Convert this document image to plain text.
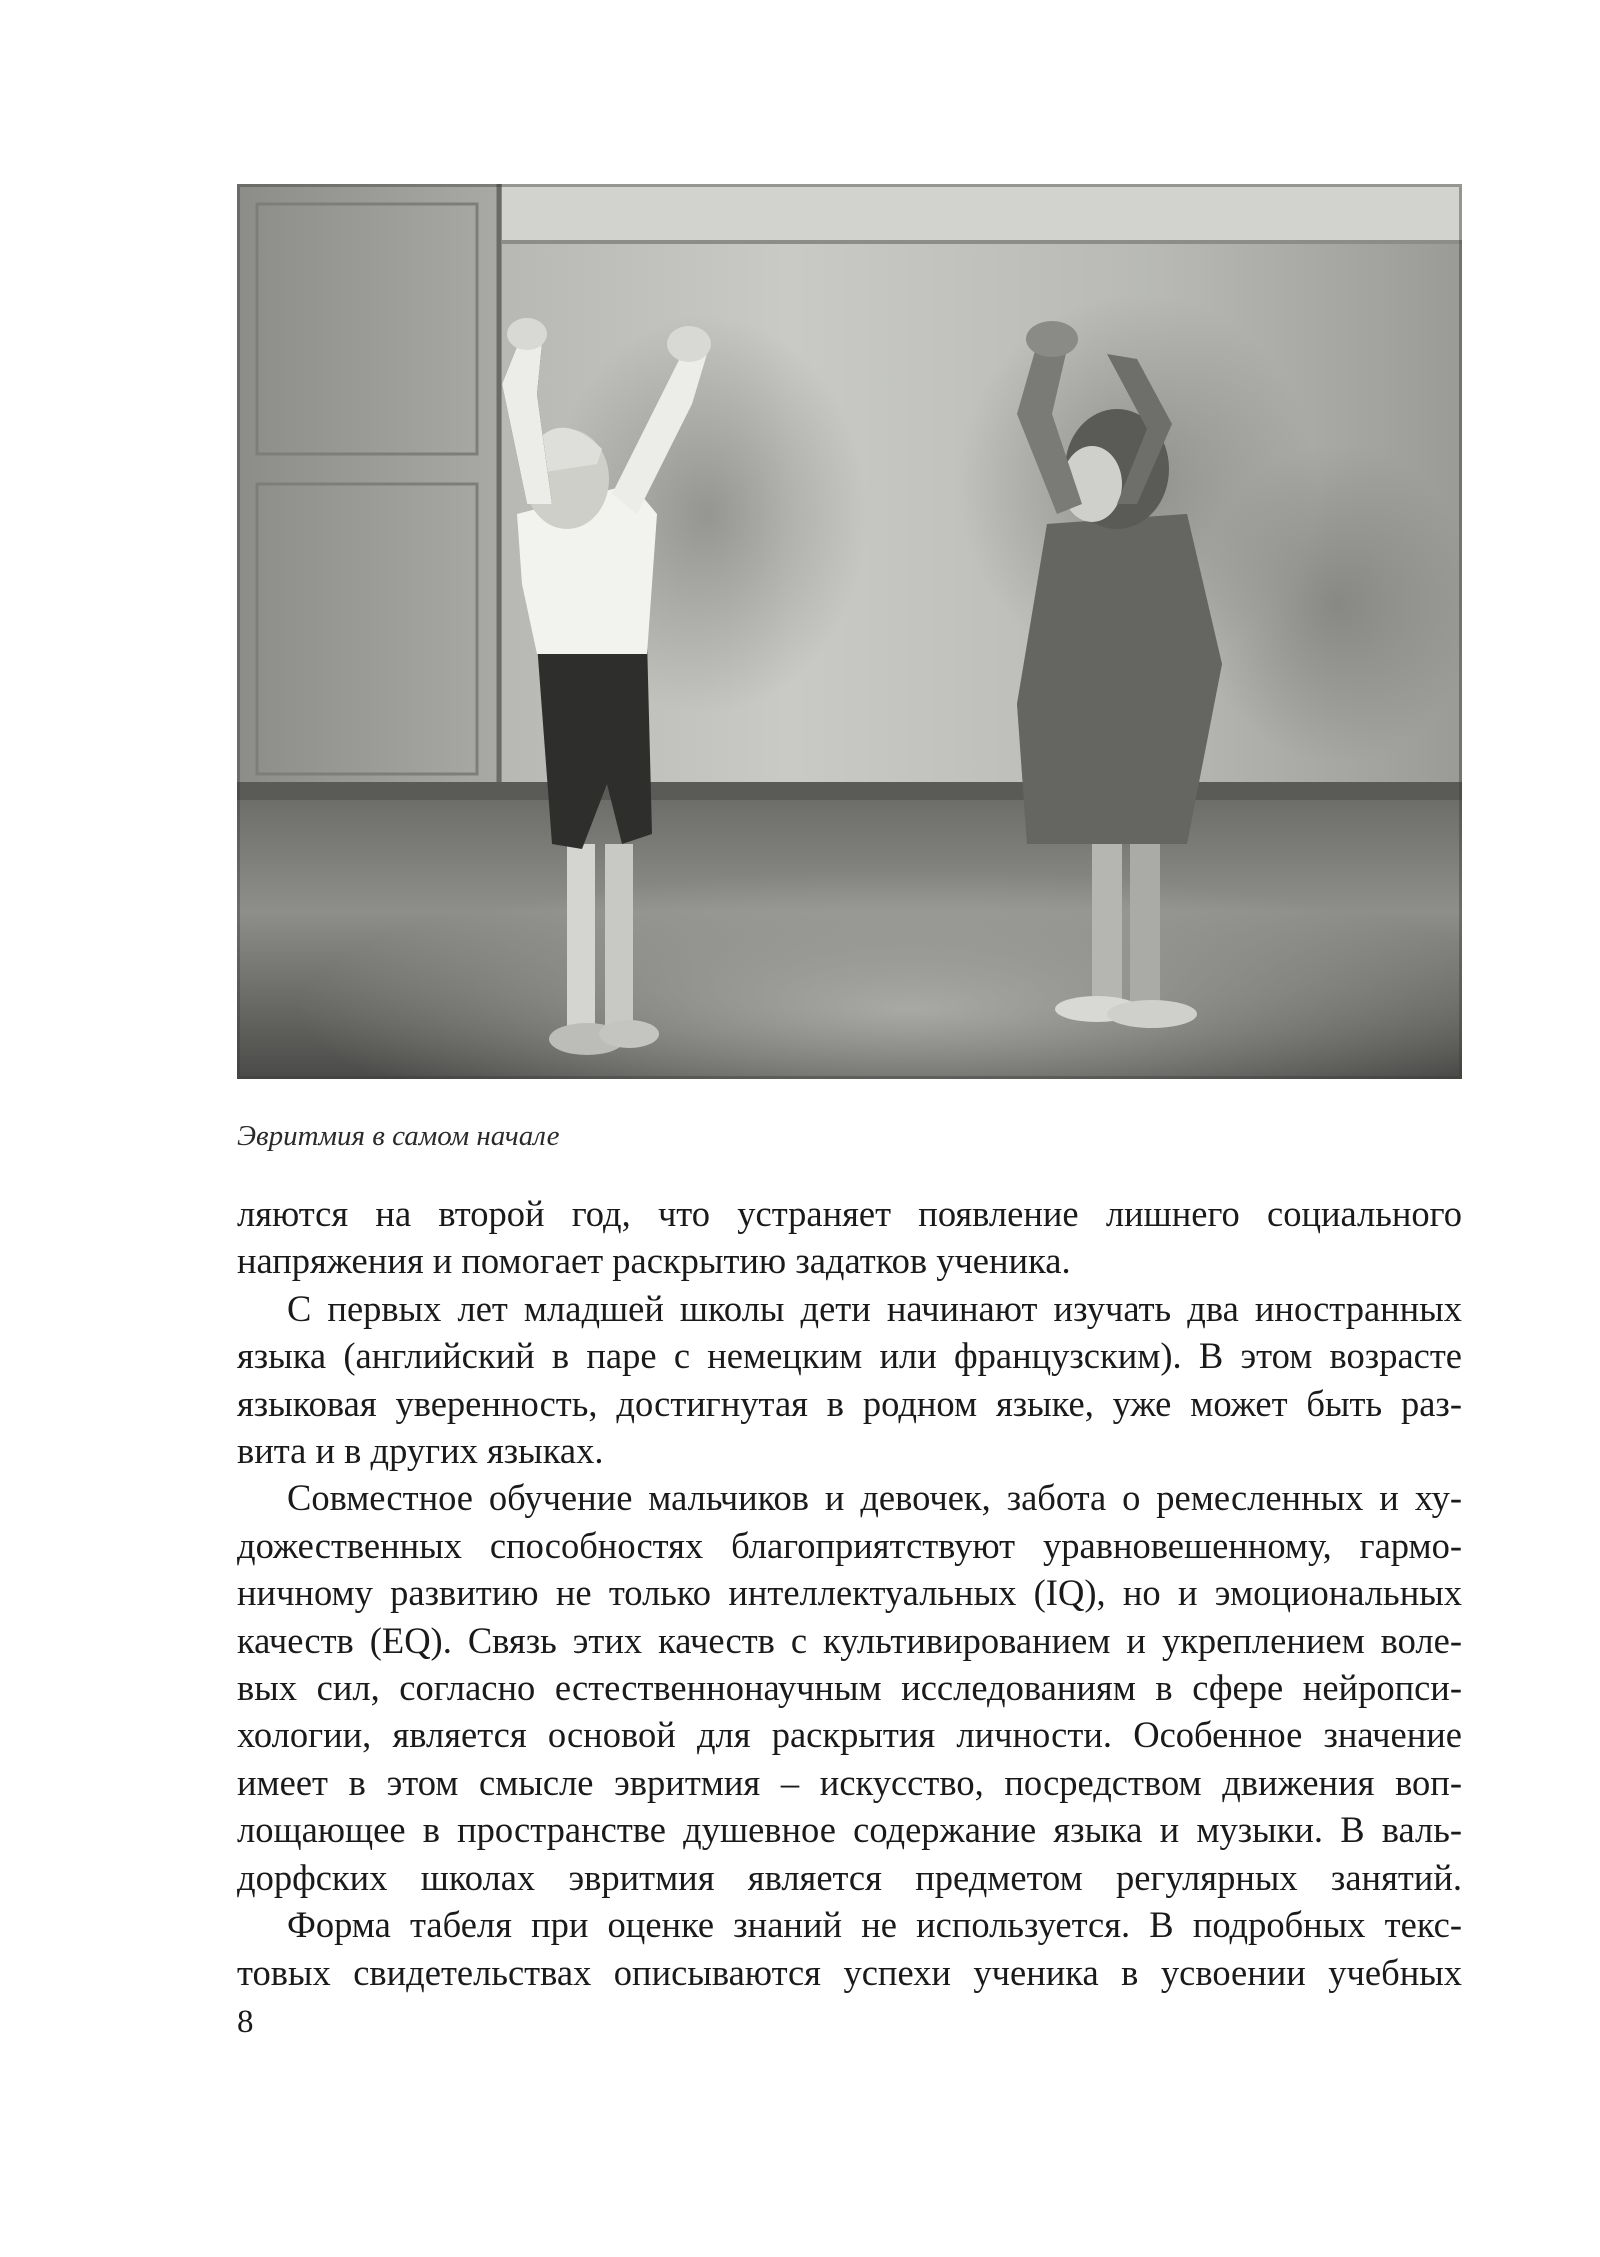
Эвритмия в самом начале

ляются на второй год, что устраняет появление лишнего социального
напряжения и помогает раскрытию задатков ученика.

С первых лет младшей школы дети начинают изучать два иностранных
языка (английский в паре с немецким или французским). В этом возрасте
языковая уверенность, достигнутая в родном языке, уже может быть раз-
вита и в других языках.

Совместное обучение мальчиков и девочек, забота о ремесленных и ху-
дожественных способностях благоприятствуют уравновешенному, гармо-
ничному развитию не только интеллектуальных (IQ), но и эмоциональных
качеств (EQ). Связь этих качеств с культивированием и укреплением воле-
вых сил, согласно естественнонаучным исследованиям в сфере нейропси-
хологии, является основой для раскрытия личности. Особенное значение
имеет в этом смысле эвритмия – искусство, посредством движения воп-
лощающее в пространстве душевное содержание языка и музыки. В валь-
дорфских школах эвритмия является предметом регулярных занятий.

Форма табеля при оценке знаний не используется. В подробных текс-
товых свидетельствах описываются успехи ученика в усвоении учебных

8
